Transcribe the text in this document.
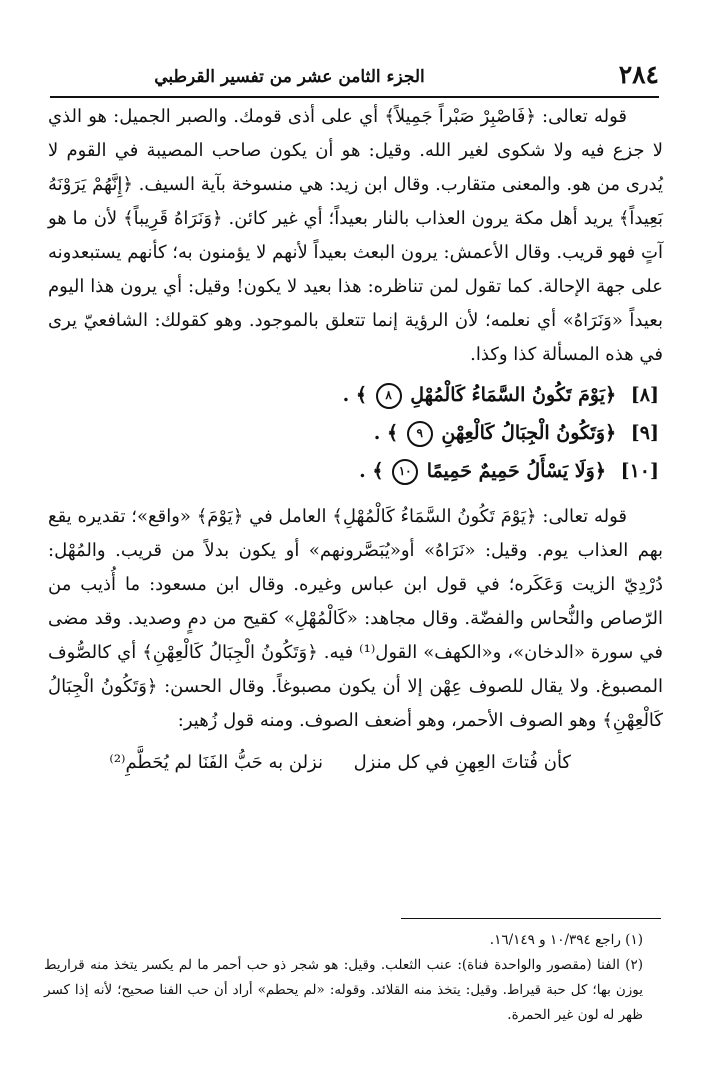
٢٨٤
الجزء الثامن عشر من تفسير القرطبي

قوله تعالى: ﴿فَاصْبِرْ صَبْراً جَمِيلاً﴾ أي على أذى قومك. والصبر الجميل: هو الذي لا جزع فيه ولا شكوى لغير الله. وقيل: هو أن يكون صاحب المصيبة في القوم لا يُدرى من هو. والمعنى متقارب. وقال ابن زيد: هي منسوخة بآية السيف. ﴿إِنَّهُمْ يَرَوْنَهُ بَعِيداً﴾ يريد أهل مكة يرون العذاب بالنار بعيداً؛ أي غير كائن. ﴿وَنَرَاهُ قَرِيباً﴾ لأن ما هو آتٍ فهو قريب. وقال الأعمش: يرون البعث بعيداً لأنهم لا يؤمنون به؛ كأنهم يستبعدونه على جهة الإحالة. كما تقول لمن تناظره: هذا بعيد لا يكون! وقيل: أي يرون هذا اليوم بعيداً «وَنَرَاهُ» أي نعلمه؛ لأن الرؤية إنما تتعلق بالموجود. وهو كقولك: الشافعيّ يرى في هذه المسألة كذا وكذا.

[٨] ﴿يَوْمَ تَكُونُ السَّمَاءُ كَالْمُهْلِ ٨ ﴾ .
[٩] ﴿وَتَكُونُ الْجِبَالُ كَالْعِهْنِ ٩ ﴾ .
[١٠] ﴿وَلَا يَسْأَلُ حَمِيمٌ حَمِيمًا ١٠ ﴾ .

قوله تعالى: ﴿يَوْمَ تَكُونُ السَّمَاءُ كَالْمُهْلِ﴾ العامل في ﴿يَوْمَ﴾ «واقع»؛ تقديره يقع بهم العذاب يوم. وقيل: «نَرَاهُ» أو«يُبَصَّرونهم» أو يكون بدلاً من قريب. والمُهْل: دُرْدِيّ الزيت وَعَكَره؛ في قول ابن عباس وغيره. وقال ابن مسعود: ما أُذيب من الرّصاص والنُّحاس والفضّة. وقال مجاهد: «كَالْمُهْلِ» كقيح من دمٍ وصديد. وقد مضى في سورة «الدخان»، و«الكهف» القول⁽¹⁾ فيه. ﴿وَتَكُونُ الْجِبَالُ كَالْعِهْنِ﴾ أي كالصُّوف المصبوغ. ولا يقال للصوف عِهْن إلا أن يكون مصبوغاً. وقال الحسن: ﴿وَتَكُونُ الْجِبَالُ كَالْعِهْنِ﴾ وهو الصوف الأحمر، وهو أضعف الصوف. ومنه قول زُهير:

كأن فُتاتَ العِهنِ في كل منزل
نزلن به حَبُّ الفَنَا لم يُحَطَّمِ⁽²⁾

(١) راجع ١٠/٣٩٤ و ١٦/١٤٩.

(٢) الفنا (مقصور والواحدة فناة): عنب الثعلب. وقيل: هو شجر ذو حب أحمر ما لم يكسر يتخذ منه قراريط يوزن بها؛ كل حبة قيراط. وقيل: يتخذ منه القلائد. وقوله: «لم يحطم» أراد أن حب الفنا صحيح؛ لأنه إذا كسر ظهر له لون غير الحمرة.
